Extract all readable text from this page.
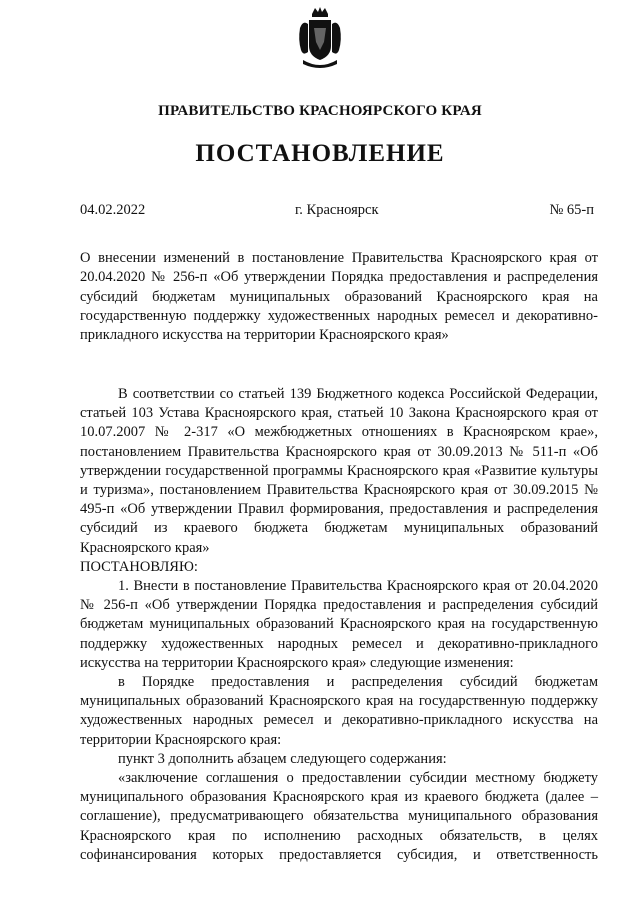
ПРАВИТЕЛЬСТВО КРАСНОЯРСКОГО КРАЯ
ПОСТАНОВЛЕНИЕ
04.02.2022	г. Красноярск	№ 65-п
О внесении изменений в постановление Правительства Красноярского края от 20.04.2020 № 256-п «Об утверждении Порядка предоставления и распределения субсидий бюджетам муниципальных образований Красноярского края на государственную поддержку художественных народных ремесел и декоративно-прикладного искусства на территории Красноярского края»

В соответствии со статьей 139 Бюджетного кодекса Российской Федерации, статьей 103 Устава Красноярского края, статьей 10 Закона Красноярского края от 10.07.2007 № 2-317 «О межбюджетных отношениях в Красноярском крае», постановлением Правительства Красноярского края от 30.09.2013 № 511-п «Об утверждении государственной программы Красноярского края «Развитие культуры и туризма», постановлением Правительства Красноярского края от 30.09.2015 № 495-п «Об утверждении Правил формирования, предоставления и распределения субсидий из краевого бюджета бюджетам муниципальных образований Красноярского края»

ПОСТАНОВЛЯЮ:

1. Внести в постановление Правительства Красноярского края от 20.04.2020 № 256-п «Об утверждении Порядка предоставления и распределения субсидий бюджетам муниципальных образований Красноярского края на государственную поддержку художественных народных ремесел и декоративно-прикладного искусства на территории Красноярского края» следующие изменения:

в Порядке предоставления и распределения субсидий бюджетам муниципальных образований Красноярского края на государственную поддержку художественных народных ремесел и декоративно-прикладного искусства на территории Красноярского края:

пункт 3 дополнить абзацем следующего содержания:

«заключение соглашения о предоставлении субсидии местному бюджету муниципального образования Красноярского края из краевого бюджета (далее – соглашение), предусматривающего обязательства муниципального образования Красноярского края по исполнению расходных обязательств, в целях софинансирования которых предоставляется субсидия, и ответственность
